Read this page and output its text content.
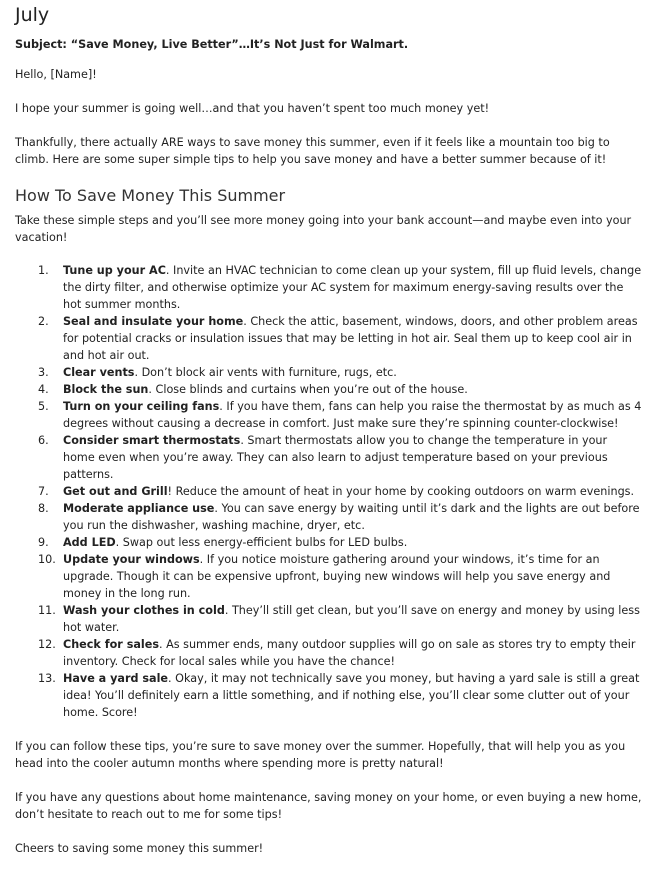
July

Subject: “Save Money, Live Better”…It’s Not Just for Walmart.

Hello, [Name]!

I hope your summer is going well…and that you haven’t spent too much money yet!

Thankfully, there actually ARE ways to save money this summer, even if it feels like a mountain too big to climb. Here are some super simple tips to help you save money and have a better summer because of it!

How To Save Money This Summer

Take these simple steps and you’ll see more money going into your bank account—and maybe even into your vacation!

1.	Tune up your AC. Invite an HVAC technician to come clean up your system, fill up fluid levels, change the dirty filter, and otherwise optimize your AC system for maximum energy-saving results over the hot summer months.
2.	Seal and insulate your home. Check the attic, basement, windows, doors, and other problem areas for potential cracks or insulation issues that may be letting in hot air. Seal them up to keep cool air in and hot air out.
3.	Clear vents. Don’t block air vents with furniture, rugs, etc.
4.	Block the sun. Close blinds and curtains when you’re out of the house.
5.	Turn on your ceiling fans. If you have them, fans can help you raise the thermostat by as much as 4 degrees without causing a decrease in comfort. Just make sure they’re spinning counter-clockwise!
6.	Consider smart thermostats. Smart thermostats allow you to change the temperature in your home even when you’re away. They can also learn to adjust temperature based on your previous patterns.
7.	Get out and Grill! Reduce the amount of heat in your home by cooking outdoors on warm evenings.
8.	Moderate appliance use. You can save energy by waiting until it’s dark and the lights are out before you run the dishwasher, washing machine, dryer, etc.
9.	Add LED. Swap out less energy-efficient bulbs for LED bulbs.
10. Update your windows. If you notice moisture gathering around your windows, it’s time for an upgrade. Though it can be expensive upfront, buying new windows will help you save energy and money in the long run.
11. Wash your clothes in cold. They’ll still get clean, but you’ll save on energy and money by using less hot water.
12. Check for sales. As summer ends, many outdoor supplies will go on sale as stores try to empty their inventory. Check for local sales while you have the chance!
13. Have a yard sale. Okay, it may not technically save you money, but having a yard sale is still a great idea! You’ll definitely earn a little something, and if nothing else, you’ll clear some clutter out of your home. Score!

If you can follow these tips, you’re sure to save money over the summer. Hopefully, that will help you as you head into the cooler autumn months where spending more is pretty natural!

If you have any questions about home maintenance, saving money on your home, or even buying a new home, don’t hesitate to reach out to me for some tips!

Cheers to saving some money this summer!
